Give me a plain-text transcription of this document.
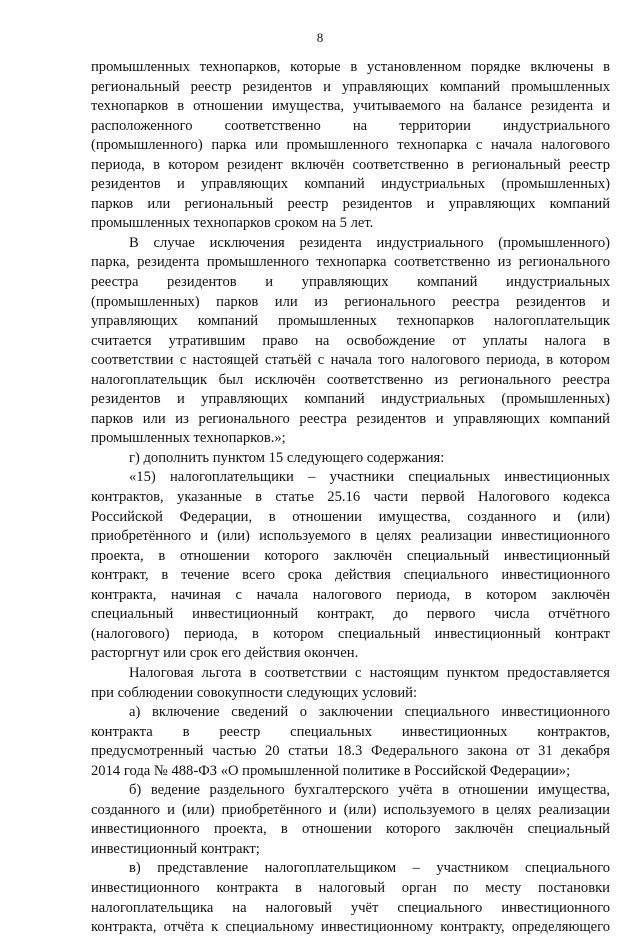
8
промышленных технопарков, которые в установленном порядке включены в
региональный реестр резидентов и управляющих компаний промышленных
технопарков в отношении имущества, учитываемого на балансе резидента и
расположенного соответственно на территории индустриального
(промышленного) парка или промышленного технопарка с начала налогового
периода, в котором резидент включён соответственно в региональный реестр
резидентов и управляющих компаний индустриальных (промышленных)
парков или региональный реестр резидентов и управляющих компаний
промышленных технопарков сроком на 5 лет.
В случае исключения резидента индустриального (промышленного)
парка, резидента промышленного технопарка соответственно из регионального
реестра резидентов и управляющих компаний индустриальных
(промышленных) парков или из регионального реестра резидентов и
управляющих компаний промышленных технопарков налогоплательщик
считается утратившим право на освобождение от уплаты налога в
соответствии с настоящей статьёй с начала того налогового периода, в котором
налогоплательщик был исключён соответственно из регионального реестра
резидентов и управляющих компаний индустриальных (промышленных)
парков или из регионального реестра резидентов и управляющих компаний
промышленных технопарков.»;
г) дополнить пунктом 15 следующего содержания:
«15) налогоплательщики – участники специальных инвестиционных
контрактов, указанные в статье 25.16 части первой Налогового кодекса
Российской Федерации, в отношении имущества, созданного и (или)
приобретённого и (или) используемого в целях реализации инвестиционного
проекта, в отношении которого заключён специальный инвестиционный
контракт, в течение всего срока действия специального инвестиционного
контракта, начиная с начала налогового периода, в котором заключён
специальный инвестиционный контракт, до первого числа отчётного
(налогового) периода, в котором специальный инвестиционный контракт
расторгнут или срок его действия окончен.
Налоговая льгота в соответствии с настоящим пунктом предоставляется
при соблюдении совокупности следующих условий:
а) включение сведений о заключении специального инвестиционного
контракта в реестр специальных инвестиционных контрактов,
предусмотренный частью 20 статьи 18.3 Федерального закона от 31 декабря
2014 года № 488-ФЗ «О промышленной политике в Российской Федерации»;
б) ведение раздельного бухгалтерского учёта в отношении имущества,
созданного и (или) приобретённого и (или) используемого в целях реализации
инвестиционного проекта, в отношении которого заключён специальный
инвестиционный контракт;
в) представление налогоплательщиком – участником специального
инвестиционного контракта в налоговый орган по месту постановки
налогоплательщика на налоговый учёт специального инвестиционного
контракта, отчёта к специальному инвестиционному контракту, определяющего
